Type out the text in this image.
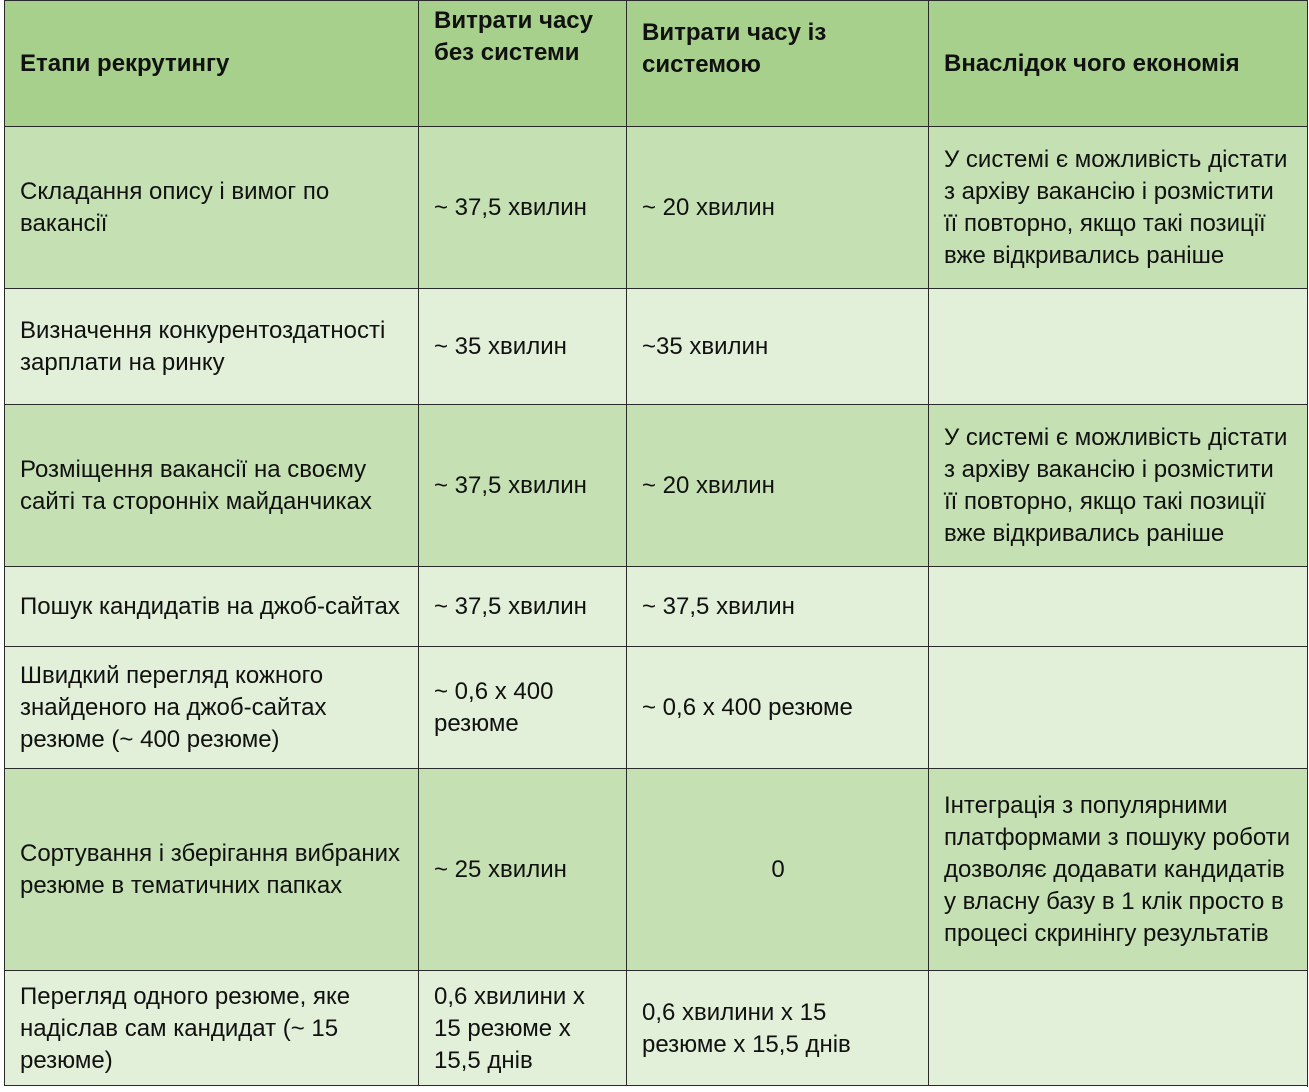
Етапи рекрутингу	Витрати часу без системи	Витрати часу із системою	Внаслідок чого економія
Складання опису і вимог по вакансії	~ 37,5 хвилин	~ 20 хвилин	У системі є можливість дістати з архіву вакансію і розмістити її повторно, якщо такі позиції вже відкривались раніше
Визначення конкурентоздатності зарплати на ринку	~ 35 хвилин	~35 хвилин	
Розміщення вакансії на своєму сайті та сторонніх майданчиках	~ 37,5 хвилин	~ 20 хвилин	У системі є можливість дістати з архіву вакансію і розмістити її повторно, якщо такі позиції вже відкривались раніше
Пошук кандидатів на джоб-сайтах	~ 37,5 хвилин	~ 37,5 хвилин	
Швидкий перегляд кожного знайденого на джоб-сайтах резюме (~ 400 резюме)	~ 0,6 х 400 резюме	~ 0,6 х 400 резюме	
Сортування і зберігання вибраних резюме в тематичних папках	~ 25 хвилин	0	Інтеграція з популярними платформами з пошуку роботи дозволяє додавати кандидатів у власну базу в 1 клік просто в процесі скринінгу результатів
Перегляд одного резюме, яке надіслав сам кандидат (~ 15 резюме)	0,6 хвилини х 15 резюме х 15,5 днів	0,6 хвилини х 15 резюме х 15,5 днів	
